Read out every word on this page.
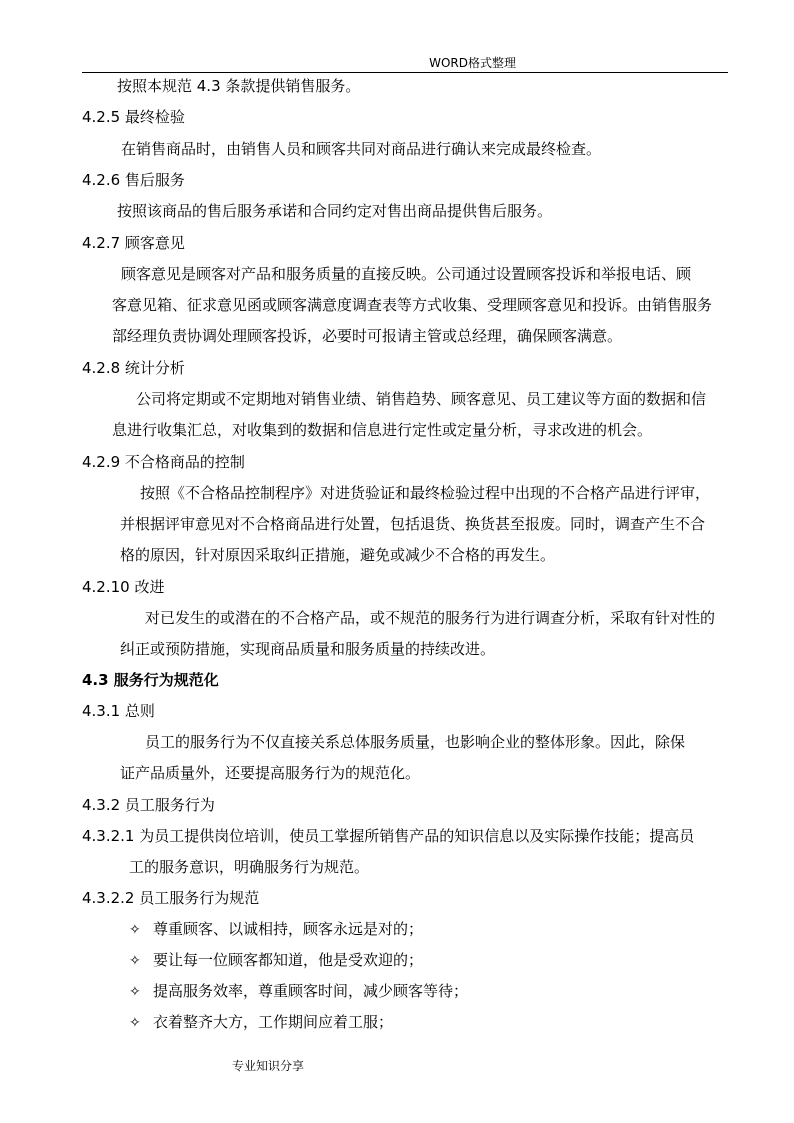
WORD格式整理
按照本规范 4.3 条款提供销售服务。
4.2.5 最终检验
在销售商品时，由销售人员和顾客共同对商品进行确认来完成最终检查。
4.2.6 售后服务
按照该商品的售后服务承诺和合同约定对售出商品提供售后服务。
4.2.7 顾客意见
顾客意见是顾客对产品和服务质量的直接反映。公司通过设置顾客投诉和举报电话、顾
客意见箱、征求意见函或顾客满意度调查表等方式收集、受理顾客意见和投诉。由销售服务
部经理负责协调处理顾客投诉，必要时可报请主管或总经理，确保顾客满意。
4.2.8 统计分析
公司将定期或不定期地对销售业绩、销售趋势、顾客意见、员工建议等方面的数据和信
息进行收集汇总，对收集到的数据和信息进行定性或定量分析，寻求改进的机会。
4.2.9 不合格商品的控制
按照《不合格品控制程序》对进货验证和最终检验过程中出现的不合格产品进行评审，
并根据评审意见对不合格商品进行处置，包括退货、换货甚至报废。同时，调查产生不合
格的原因，针对原因采取纠正措施，避免或减少不合格的再发生。
4.2.10 改进
对已发生的或潜在的不合格产品，或不规范的服务行为进行调查分析，采取有针对性的
纠正或预防措施，实现商品质量和服务质量的持续改进。
4.3 服务行为规范化
4.3.1 总则
员工的服务行为不仅直接关系总体服务质量，也影响企业的整体形象。因此，除保
证产品质量外，还要提高服务行为的规范化。
4.3.2 员工服务行为
4.3.2.1 为员工提供岗位培训，使员工掌握所销售产品的知识信息以及实际操作技能；提高员
工的服务意识，明确服务行为规范。
4.3.2.2 员工服务行为规范
✧ 尊重顾客、以诚相持，顾客永远是对的；
✧ 要让每一位顾客都知道，他是受欢迎的；
✧ 提高服务效率，尊重顾客时间，减少顾客等待；
✧ 衣着整齐大方，工作期间应着工服；
专业知识分享
